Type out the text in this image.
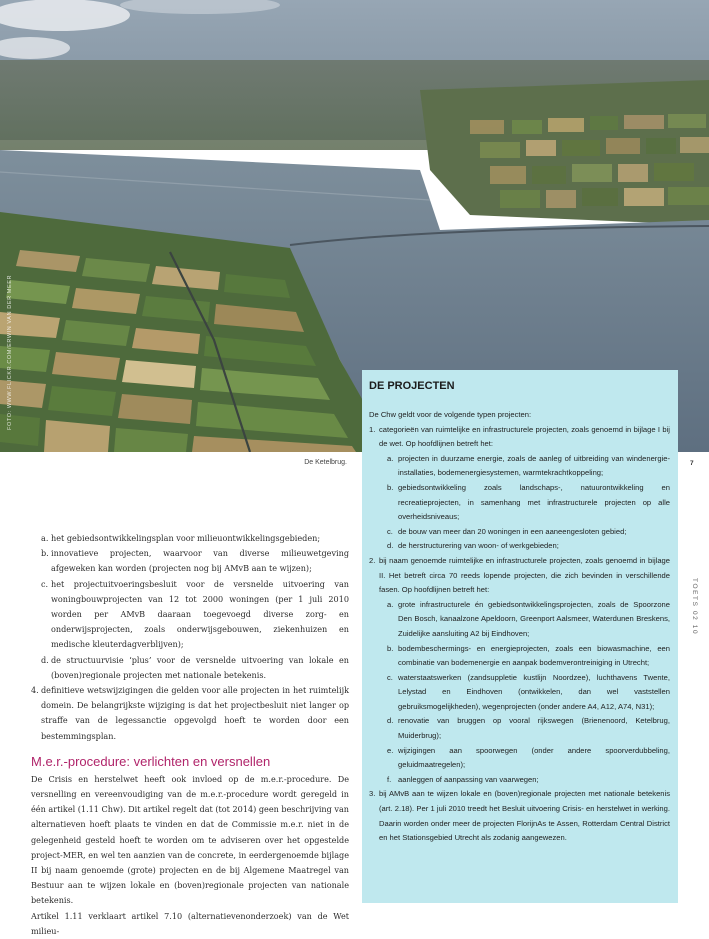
FOTO: WWW.FLICKR.COM/ERWIN VAN DER MEER
De Ketelbrug.	7
TOETS 02 10
a. het gebiedsontwikkelingsplan voor milieuontwikkelingsgebieden;
b. innovatieve projecten, waarvoor van diverse milieuwetgeving afgeweken kan worden (projecten nog bij AMvB aan te wijzen);
c. het projectuitvoeringsbesluit voor de versnelde uitvoering van woningbouwprojecten van 12 tot 2000 woningen (per 1 juli 2010 worden per AMvB daaraan toegevoegd diverse zorg- en onderwijsprojecten, zoals onderwijsgebouwen, ziekenhuizen en medische kleuterdagverblijven);
d. de structuurvisie ‘plus’ voor de versnelde uitvoering van lokale en (boven)regionale projecten met nationale betekenis.
4. definitieve wetswijzigingen die gelden voor alle projecten in het ruimtelijk domein. De belangrijkste wijziging is dat het projectbesluit niet langer op straffe van de legessanctie opgevolgd hoeft te worden door een bestemmingsplan.
M.e.r.-procedure: verlichten en versnellen

De Crisis en herstelwet heeft ook invloed op de m.e.r.-procedure. De versnelling en vereenvoudiging van de m.e.r.-procedure wordt geregeld in één artikel (1.11 Chw). Dit artikel regelt dat (tot 2014) geen beschrijving van alternatieven hoeft plaats te vinden en dat de Commissie m.e.r. niet in de gelegenheid gesteld hoeft te worden om te adviseren over het opgestelde project-MER, en wel ten aanzien van de concrete, in eerdergenoemde bijlage II bij naam genoemde (grote) projecten en de bij Algemene Maatregel van Bestuur aan te wijzen lokale en (boven)regionale projecten van nationale betekenis.

Artikel 1.11 verklaart artikel 7.10 (alternatievenonderzoek) van de Wet milieu-

DE PROJECTEN

De Chw geldt voor de volgende typen projecten:

1. categorieën van ruimtelijke en infrastructurele projecten, zoals genoemd in bijlage I bij de wet. Op hoofdlijnen betreft het:
a. projecten in duurzame energie, zoals de aanleg of uitbreiding van windenergie-installaties, bodemenergiesystemen, warmtekrachtkoppeling;
b. gebiedsontwikkeling zoals landschaps-, natuurontwikkeling en recreatieprojecten, in samenhang met infrastructurele projecten op alle overheidsniveaus;
c. de bouw van meer dan 20 woningen in een aaneengesloten gebied;
d. de herstructurering van woon- of werkgebieden;
2. bij naam genoemde ruimtelijke en infrastructurele projecten, zoals genoemd in bijlage II. Het betreft circa 70 reeds lopende projecten, die zich bevinden in verschillende fasen. Op hoofdlijnen betreft het:
a. grote infrastructurele én gebiedsontwikkelingsprojecten, zoals de Spoorzone Den Bosch, kanaalzone Apeldoorn, Greenport Aalsmeer, Waterdunen Breskens, Zuidelijke aansluiting A2 bij Eindhoven;
b. bodembeschermings- en energieprojecten, zoals een biowasmachine, een combinatie van bodemenergie en aanpak bodemverontreiniging in Utrecht;
c. waterstaatswerken (zandsuppletie kustlijn Noordzee), luchthavens Twente, Lelystad en Eindhoven (ontwikkelen, dan wel vaststellen gebruiksmogelijkheden), wegenprojecten (onder andere A4, A12, A74, N31);
d. renovatie van bruggen op vooral rijkswegen (Brienenoord, Ketelbrug, Muiderbrug);
e. wijzigingen aan spoorwegen (onder andere spoorverdubbeling, geluidmaatregelen);
f. aanleggen of aanpassing van vaarwegen;
3. bij AMvB aan te wijzen lokale en (boven)regionale projecten met nationale betekenis (art. 2.18). Per 1 juli 2010 treedt het Besluit uitvoering Crisis- en herstelwet in werking. Daarin worden onder meer de projecten FlorijnAs te Assen, Rotterdam Central District en het Stationsgebied Utrecht als zodanig aangewezen.
